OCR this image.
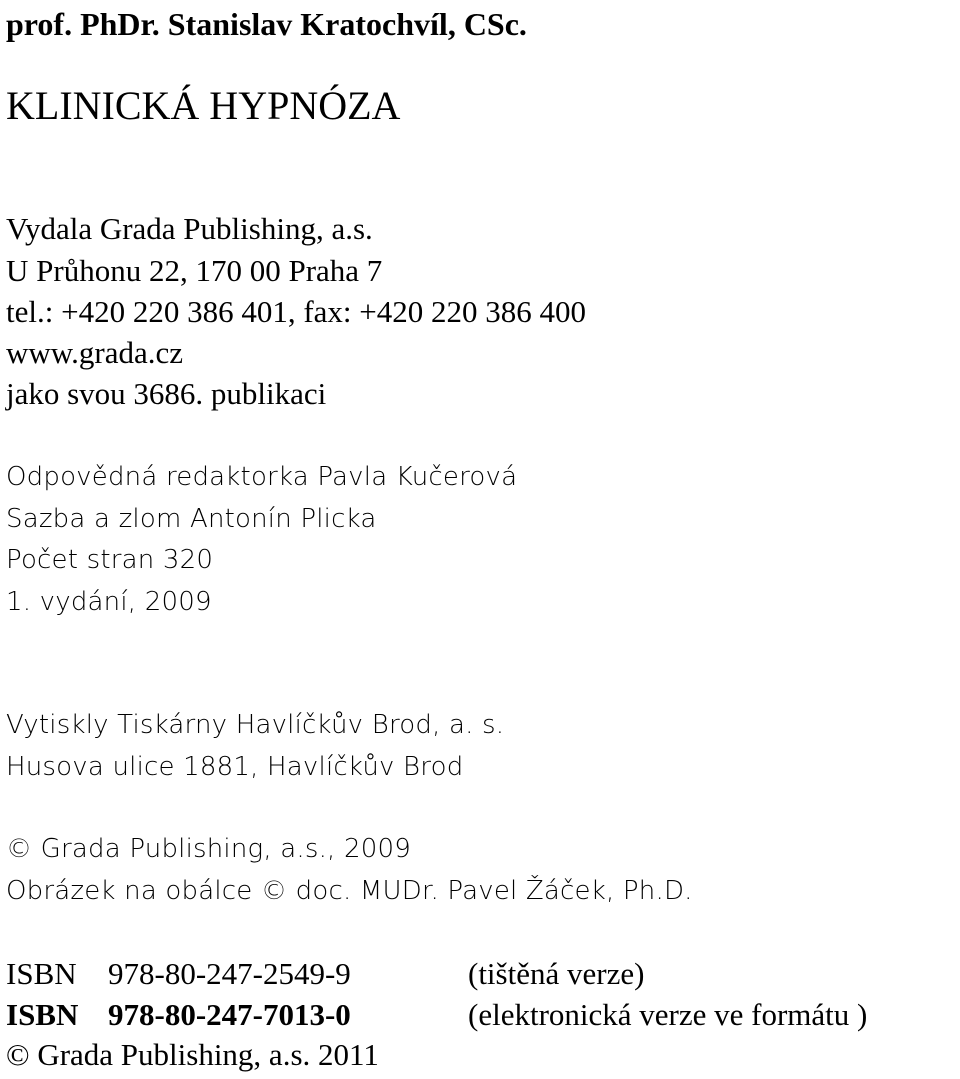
prof. PhDr. Stanislav Kratochvíl, CSc.
KLINICKÁ HYPNÓZA
Vydala Grada Publishing, a.s.
U Průhonu 22, 170 00 Praha 7
tel.: +420 220 386 401, fax: +420 220 386 400
www.grada.cz
jako svou 3686. publikaci
Odpovědná redaktorka Pavla Kučerová
Sazba a zlom Antonín Plicka
Počet stran 320
1. vydání, 2009
Vytiskly Tiskárny Havlíčkův Brod, a. s.
Husova ulice 1881, Havlíčkův Brod
© Grada Publishing, a.s., 2009
Obrázek na obálce © doc. MUDr. Pavel Žáček, Ph.D.
ISBN 978-80-247-2549-9	(tištěná verze)
ISBN 978-80-247-7013-0	(elektronická verze ve formátu )
© Grada Publishing, a.s. 2011
